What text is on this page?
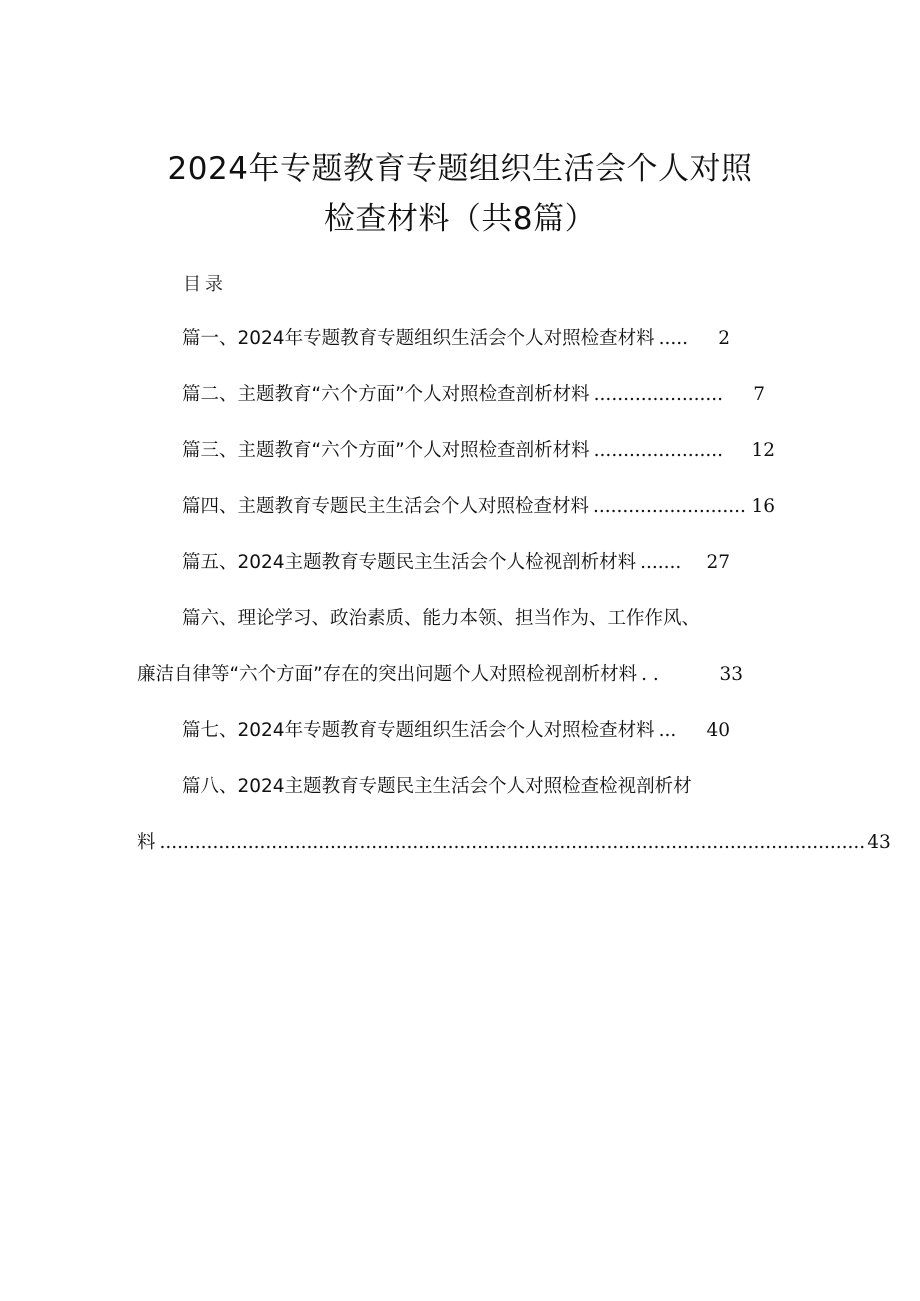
2024年专题教育专题组织生活会个人对照
检查材料（共8篇）
目录
篇一、2024年专题教育专题组织生活会个人对照检查材料 .....	2
篇二、主题教育“六个方面”个人对照检查剖析材料 ......................	7
篇三、主题教育“六个方面”个人对照检查剖析材料 ......................	12
篇四、主题教育专题民主生活会个人对照检查材料 .......................... 16
篇五、2024主题教育专题民主生活会个人检视剖析材料 .......	27
篇六、理论学习、政治素质、能力本领、担当作为、工作作风、
廉洁自律等“六个方面”存在的突出问题个人对照检视剖析材料 . .	33
篇七、2024年专题教育专题组织生活会个人对照检查材料 ...	40
篇八、2024主题教育专题民主生活会个人对照检查检视剖析材
料 ........................................................................................................................ 43
